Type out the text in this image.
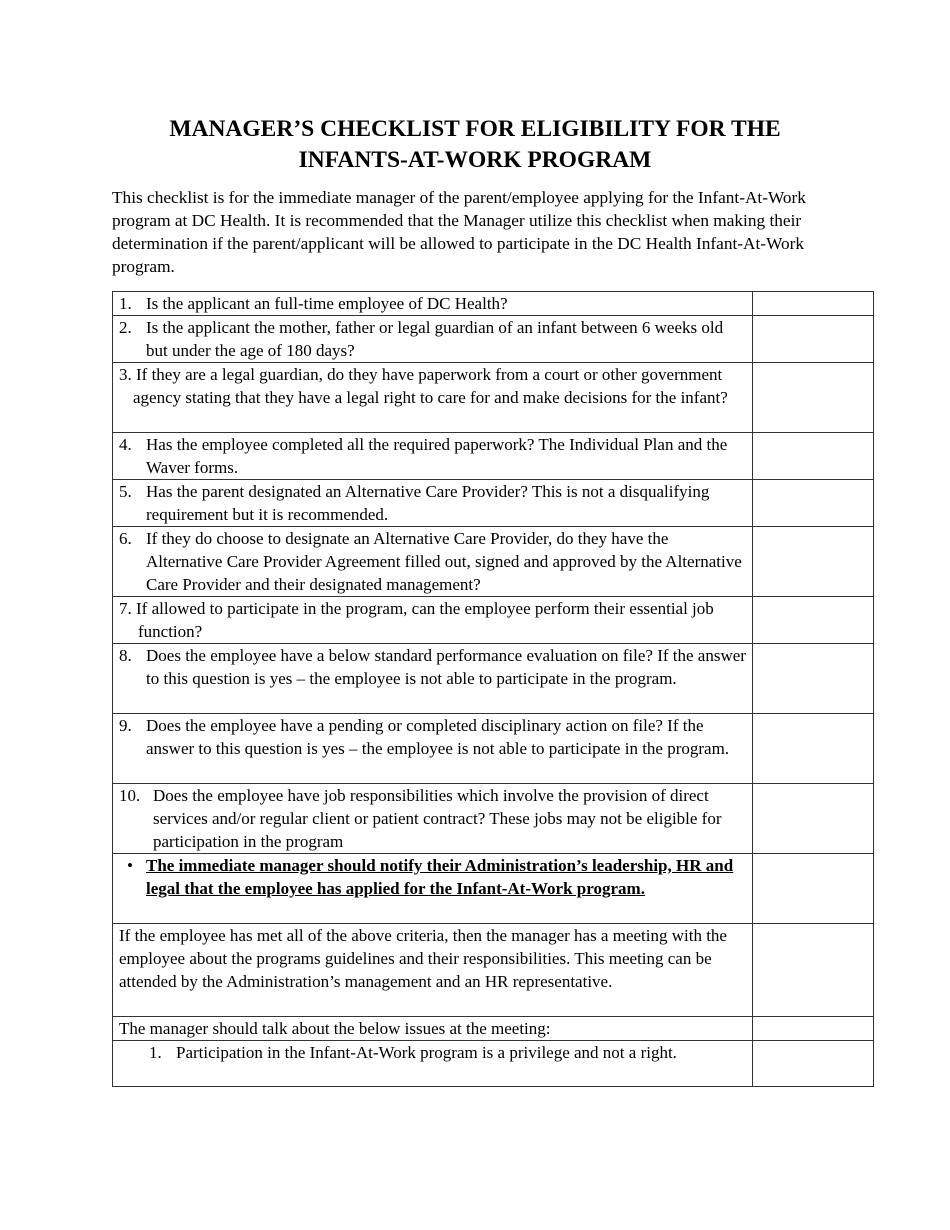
MANAGER’S CHECKLIST FOR ELIGIBILITY FOR THE
INFANTS-AT-WORK PROGRAM

This checklist is for the immediate manager of the parent/employee applying for the Infant-At-Work program at DC Health. It is recommended that the Manager utilize this checklist when making their determination if the parent/applicant will be allowed to participate in the DC Health Infant-At-Work program.

1. Is the applicant an full-time employee of DC Health?	

2. Is the applicant the mother, father or legal guardian of an infant between 6 weeks old but under the age of 180 days?	

3. If they are a legal guardian, do they have paperwork from a court or other government agency stating that they have a legal right to care for and make decisions for the infant?	

4. Has the employee completed all the required paperwork? The Individual Plan and the Waver forms.	

5. Has the parent designated an Alternative Care Provider? This is not a disqualifying requirement but it is recommended.	

6. If they do choose to designate an Alternative Care Provider, do they have the Alternative Care Provider Agreement filled out, signed and approved by the Alternative Care Provider and their designated management?	

7. If allowed to participate in the program, can the employee perform their essential job function?	

8. Does the employee have a below standard performance evaluation on file? If the answer to this question is yes – the employee is not able to participate in the program.	

9. Does the employee have a pending or completed disciplinary action on file? If the answer to this question is yes – the employee is not able to participate in the program.	

10. Does the employee have job responsibilities which involve the provision of direct services and/or regular client or patient contract? These jobs may not be eligible for participation in the program	

• The immediate manager should notify their Administration’s leadership, HR and legal that the employee has applied for the Infant-At-Work program.	

If the employee has met all of the above criteria, then the manager has a meeting with the employee about the programs guidelines and their responsibilities. This meeting can be attended by the Administration’s management and an HR representative.	
The manager should talk about the below issues at the meeting:	

1. Participation in the Infant-At-Work program is a privilege and not a right.	
